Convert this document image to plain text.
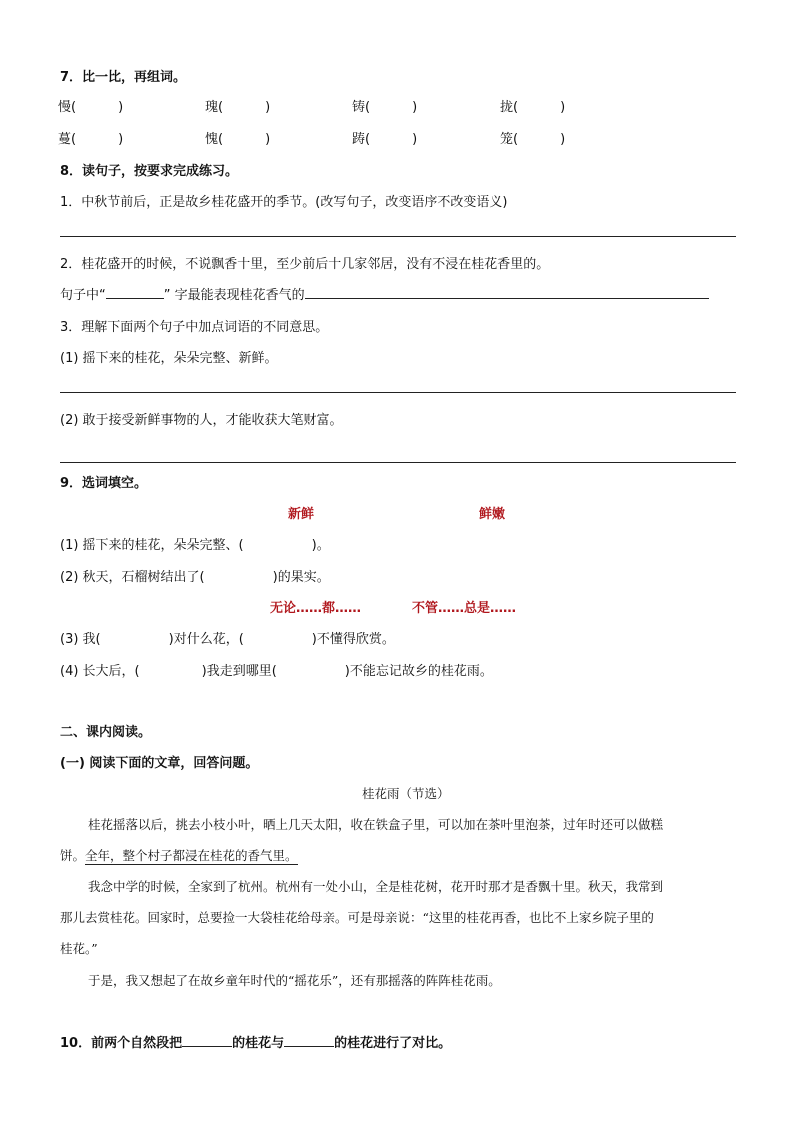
7．比一比，再组词。
慢(	)	瑰(	)	铸(	)	拢(	)
蔓(	)	愧(	)	踌(	)	笼(	)
8．读句子，按要求完成练习。
1．中秋节前后，正是故乡桂花盛开的季节。(改写句子，改变语序不改变语义)
2．桂花盛开的时候，不说飘香十里，至少前后十几家邻居，没有不浸在桂花香里的。
句子中“	” 字最能表现桂花香气的
3．理解下面两个句子中加点词语的不同意思。
(1) 摇下来的桂花，朵朵完整、新鲜。
(2) 敢于接受新鲜事物的人，才能收获大笔财富。
9．选词填空。
新鲜	鲜嫩
(1) 摇下来的桂花，朵朵完整、(	)。
(2) 秋天，石榴树结出了(	)的果实。
无论……都……	不管……总是……
(3) 我(	)对什么花，(	)不懂得欣赏。
(4) 长大后，(	)我走到哪里(	)不能忘记故乡的桂花雨。
二、课内阅读。
(一) 阅读下面的文章，回答问题。
桂花雨（节选）
桂花摇落以后，挑去小枝小叶，晒上几天太阳，收在铁盒子里，可以加在茶叶里泡茶，过年时还可以做糕
饼。全年，整个村子都浸在桂花的香气里。
我念中学的时候，全家到了杭州。杭州有一处小山，全是桂花树，花开时那才是香飘十里。秋天，我常到
那儿去赏桂花。回家时，总要捡一大袋桂花给母亲。可是母亲说：“这里的桂花再香，也比不上家乡院子里的
桂花。”
于是，我又想起了在故乡童年时代的“摇花乐”，还有那摇落的阵阵桂花雨。
10．前两个自然段把	的桂花与	的桂花进行了对比。
